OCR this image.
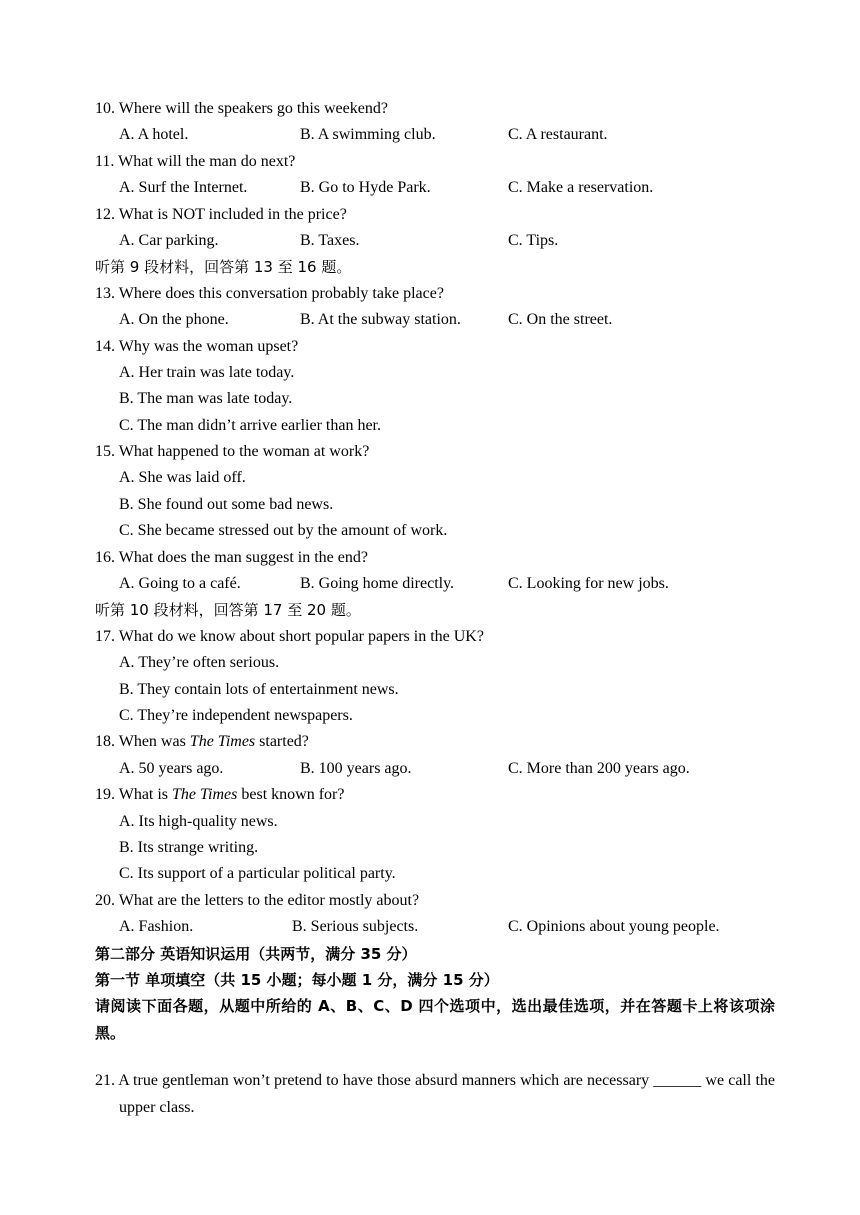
10. Where will the speakers go this weekend?
A. A hotel.	B. A swimming club.	C. A restaurant.
11. What will the man do next?
A. Surf the Internet.	B. Go to Hyde Park.	C. Make a reservation.
12. What is NOT included in the price?
A. Car parking.	B. Taxes.	C. Tips.
听第 9 段材料，回答第 13 至 16 题。
13. Where does this conversation probably take place?
A. On the phone.	B. At the subway station.	C. On the street.
14. Why was the woman upset?
A. Her train was late today.
B. The man was late today.
C. The man didn’t arrive earlier than her.
15. What happened to the woman at work?
A. She was laid off.
B. She found out some bad news.
C. She became stressed out by the amount of work.
16. What does the man suggest in the end?
A. Going to a café.	B. Going home directly.	C. Looking for new jobs.
听第 10 段材料，回答第 17 至 20 题。
17. What do we know about short popular papers in the UK?
A. They’re often serious.
B. They contain lots of entertainment news.
C. They’re independent newspapers.
18. When was The Times started?
A. 50 years ago.	B. 100 years ago.	C. More than 200 years ago.
19. What is The Times best known for?
A. Its high-quality news.
B. Its strange writing.
C. Its support of a particular political party.
20. What are the letters to the editor mostly about?
A. Fashion.	B. Serious subjects.	C. Opinions about young people.
第二部分 英语知识运用（共两节，满分 35 分）
第一节 单项填空（共 15 小题；每小题 1 分，满分 15 分）
请阅读下面各题，从题中所给的 A、B、C、D 四个选项中，选出最佳选项，并在答题卡上将该项涂黑。
21. A true gentleman won’t pretend to have those absurd manners which are necessary ______ we call the upper class.
